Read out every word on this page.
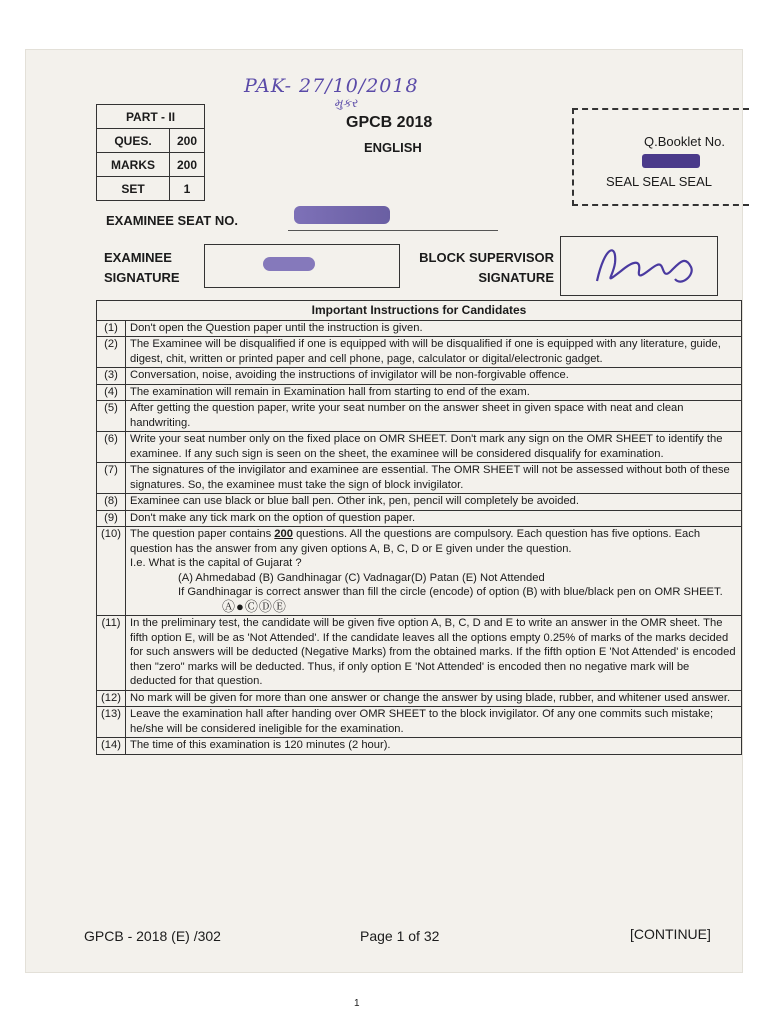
PAK- 27/10/2018
મુકર
PART - II	
QUES.	200
MARKS	200
SET	1
GPCB 2018
ENGLISH	Q.Booklet No.
5002365
SEAL SEAL SEAL
EXAMINEE SEAT NO.
EXAMINEE SIGNATURE
BLOCK SUPERVISOR SIGNATURE
Important Instructions for Candidates	
(1)	Don't open the Question paper until the instruction is given.
(2)	The Examinee will be disqualified if one is equipped with will be disqualified if one is equipped with any literature, guide, digest, chit, written or printed paper and cell phone, page, calculator or digital/electronic gadget.
(3)	Conversation, noise, avoiding the instructions of invigilator will be non-forgivable offence.
(4)	The examination will remain in Examination hall from starting to end of the exam.
(5)	After getting the question paper, write your seat number on the answer sheet in given space with neat and clean handwriting.
(6)	Write your seat number only on the fixed place on OMR SHEET. Don't mark any sign on the OMR SHEET to identify the examinee. If any such sign is seen on the sheet, the examinee will be considered disqualify for examination.
(7)	The signatures of the invigilator and examinee are essential. The OMR SHEET will not be assessed without both of these signatures. So, the examinee must take the sign of block invigilator.
(8)	Examinee can use black or blue ball pen. Other ink, pen, pencil will completely be avoided.
(9)	Don't make any tick mark on the option of question paper.
(10)	The question paper contains 200 questions. All the questions are compulsory. Each question has five options. Each question has the answer from any given options A, B, C, D or E given under the question.
I.e. What is the capital of Gujarat ?
(A) Ahmedabad (B) Gandhinagar (C) Vadnagar(D) Patan (E) Not Attended
If Gandhinagar is correct answer than fill the circle (encode) of option (B) with blue/black pen on OMR SHEET.
Ⓐ●ⒸⒹⒺ

(11)	In the preliminary test, the candidate will be given five option A, B, C, D and E to write an answer in the OMR sheet. The fifth option E, will be as 'Not Attended'. If the candidate leaves all the options empty 0.25% of marks of the marks decided for such answers will be deducted (Negative Marks) from the obtained marks. If the fifth option E 'Not Attended' is encoded then "zero" marks will be deducted. Thus, if only option E 'Not Attended' is encoded then no negative mark will be deducted for that question.
(12)	No mark will be given for more than one answer or change the answer by using blade, rubber, and whitener used answer.
(13)	Leave the examination hall after handing over OMR SHEET to the block invigilator. Of any one commits such mistake; he/she will be considered ineligible for the examination.
(14)	The time of this examination is 120 minutes (2 hour).
GPCB - 2018 (E) /302	Page 1 of 32	[CONTINUE]
1
